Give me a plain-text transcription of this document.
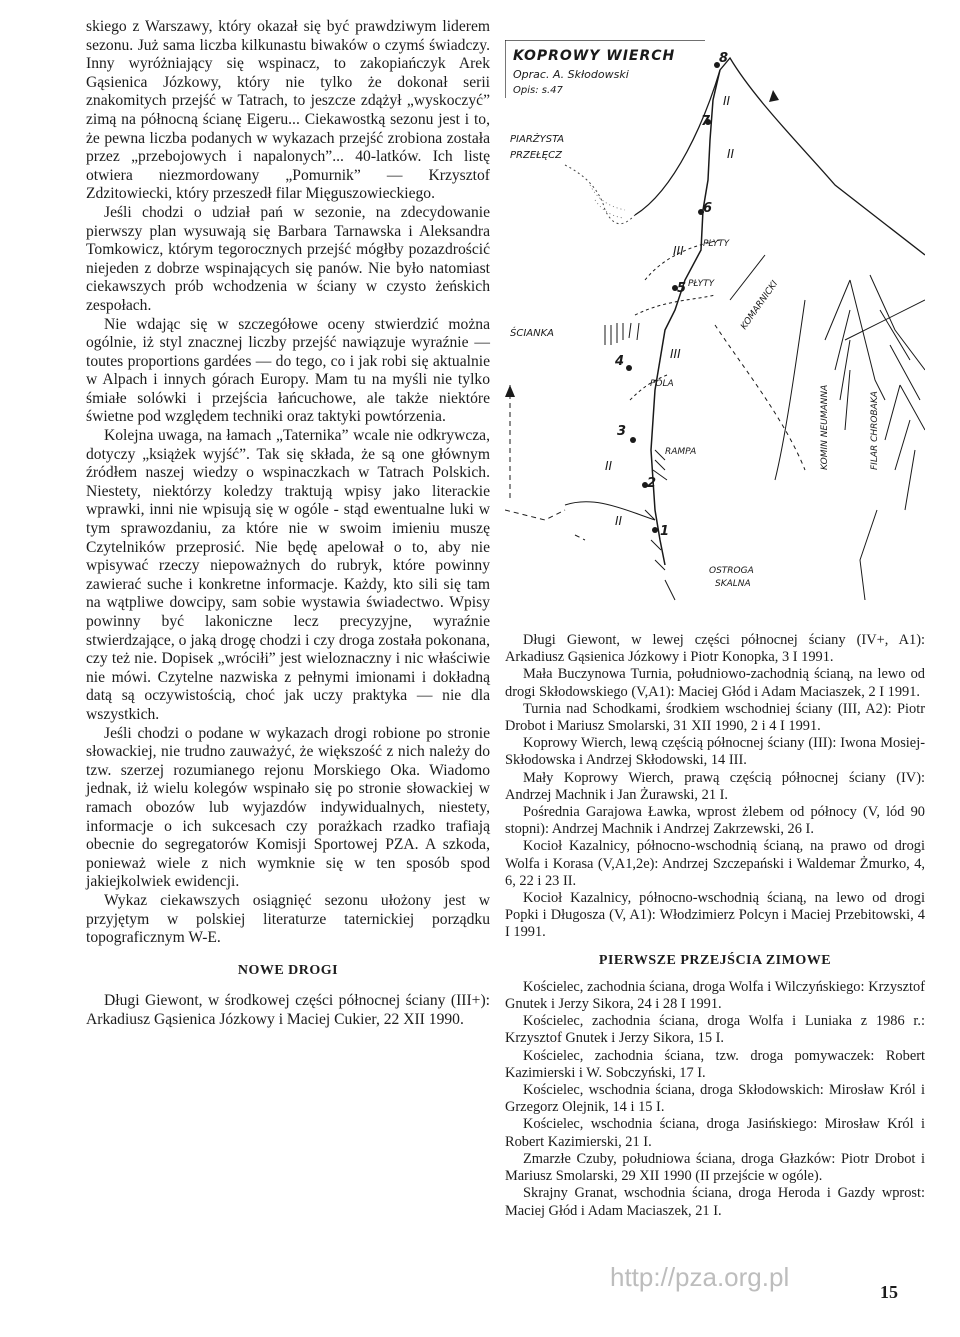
skiego z Warszawy, który okazał się być prawdziwym liderem sezonu. Już sama liczba kilkunastu biwaków o czymś świadczy. Inny wyróżniający się wspinacz, to zakopiańczyk Arek Gąsienica Józkowy, który nie tylko że dokonał serii znakomitych przejść w Tatrach, to jeszcze zdążył „wyskoczyć” zimą na północną ścianę Eigeru... Ciekawostką sezonu jest i to, że pewna liczba podanych w wykazach przejść zrobiona została przez „przebojowych i napalonych”... 40-latków. Ich listę otwiera niezmordowany „Pomurnik” — Krzysztof Zdzitowiecki, który przeszedł filar Mięguszowieckiego.

Jeśli chodzi o udział pań w sezonie, na zdecydowanie pierwszy plan wysuwają się Barbara Tarnawska i Aleksandra Tomkowicz, którym tegorocznych przejść mógłby pozazdrościć niejeden z dobrze wspinających się panów. Nie było natomiast ciekawszych prób wchodzenia w ściany w czysto żeńskich zespołach.

Nie wdając się w szczegółowe oceny stwierdzić można ogólnie, iż styl znacznej liczby przejść nawiązuje wyraźnie — toutes proportions gardées — do tego, co i jak robi się aktualnie w Alpach i innych górach Europy. Mam tu na myśli nie tylko śmiałe solówki i przejścia łańcuchowe, ale także niektóre świetne pod względem techniki oraz taktyki powtórzenia.

Kolejna uwaga, na łamach „Taternika” wcale nie odkrywcza, dotyczy „książek wyjść”. Tak się składa, że są one głównym źródłem naszej wiedzy o wspinaczkach w Tatrach Polskich. Niestety, niektórzy koledzy traktują wpisy jako literackie wprawki, inni nie wpisują się w ogóle - stąd ewentualne luki w tym sprawozdaniu, za które nie w swoim imieniu muszę Czytelników przeprosić. Nie będę apelował o to, aby nie wpisywać rzeczy niepoważnych do rubryk, które powinny zawierać suche i konkretne informacje. Każdy, kto sili się tam na wątpliwe dowcipy, sam sobie wystawia świadectwo. Wpisy powinny być lakoniczne lecz precyzyjne, wyraźnie stwierdzające, o jaką drogę chodzi i czy droga została pokonana, czy też nie. Dopisek „wróciłi” jest wieloznaczny i nic właściwie nie mówi. Czytelne nazwiska z pełnymi imionami i dokładną datą są oczywistością, choć jak uczy praktyka — nie dla wszystkich.

Jeśli chodzi o podane w wykazach drogi robione po stronie słowackiej, nie trudno zauważyć, że większość z nich należy do tzw. szerzej rozumianego rejonu Morskiego Oka. Wiadomo jednak, iż wielu kolegów wspinało się po stronie słowackiej w ramach obozów lub wyjazdów indywidualnych, niestety, informacje o ich sukcesach czy porażkach rzadko trafiają obecnie do segregatorów Komisji Sportowej PZA. A szkoda, ponieważ wiele z nich wymknie się w ten sposób spod jakiejkolwiek ewidencji.

Wykaz ciekawszych osiągnięć sezonu ułożony jest w przyjętym w polskiej literaturze taternickiej porządku topograficznym W-E.

NOWE DROGI

Długi Giewont, w środkowej części północnej ściany (III+): Arkadiusz Gąsienica Józkowy i Maciej Cukier, 22 XII 1990.

KOPROWY WIERCH
Oprac. A. Skłodowski
Opis: s.47
8
7
6
5
4
3
2
1
II
II
III
III
II
II
PIARŻYSTA
PRZEŁĘCZ
PŁYTY
PŁYTY	KOMARNICKI
ŚCIANKA
POLA
RAMPA	KOMIN NEUMANNA	FILAR CHROBAKA
OSTROGA
SKALNA

Długi Giewont, w lewej części północnej ściany (IV+, A1): Arkadiusz Gąsienica Józkowy i Piotr Konopka, 3 I 1991.

Mała Buczynowa Turnia, południowo-zachodnią ścianą, na lewo od drogi Skłodowskiego (V,A1): Maciej Głód i Adam Maciaszek, 2 I 1991.

Turnia nad Schodkami, środkiem wschodniej ściany (III, A2): Piotr Drobot i Mariusz Smolarski, 31 XII 1990, 2 i 4 I 1991.

Koprowy Wierch, lewą częścią północnej ściany (III): Iwona Mosiej-Skłodowska i Andrzej Skłodowski, 14 III.

Mały Koprowy Wierch, prawą częścią północnej ściany (IV): Andrzej Machnik i Jan Żurawski, 21 I.

Pośrednia Garajowa Ławka, wprost żlebem od północy (V, lód 90 stopni): Andrzej Machnik i Andrzej Zakrzewski, 26 I.

Kocioł Kazalnicy, północno-wschodnią ścianą, na prawo od drogi Wolfa i Korasa (V,A1,2e): Andrzej Szczepański i Waldemar Żmurko, 4, 6, 22 i 23 II.

Kocioł Kazalnicy, północno-wschodnią ścianą, na lewo od drogi Popki i Długosza (V, A1): Włodzimierz Polcyn i Maciej Przebitowski, 4 I 1991.

PIERWSZE PRZEJŚCIA ZIMOWE

Kościelec, zachodnia ściana, droga Wolfa i Wilczyńskiego: Krzysztof Gnutek i Jerzy Sikora, 24 i 28 I 1991.

Kościelec, zachodnia ściana, droga Wolfa i Luniaka z 1986 r.: Krzysztof Gnutek i Jerzy Sikora, 15 I.

Kościelec, zachodnia ściana, tzw. droga pomywaczek: Robert Kazimierski i W. Sobczyński, 17 I.

Kościelec, wschodnia ściana, droga Skłodowskich: Mirosław Król i Grzegorz Olejnik, 14 i 15 I.

Kościelec, wschodnia ściana, droga Jasińskiego: Mirosław Król i Robert Kazimierski, 21 I.

Zmarzłe Czuby, południowa ściana, droga Głazków: Piotr Drobot i Mariusz Smolarski, 29 XII 1990 (II przejście w ogóle).

Skrajny Granat, wschodnia ściana, droga Heroda i Gazdy wprost: Maciej Głód i Adam Maciaszek, 21 I.

http://pza.org.pl	15
